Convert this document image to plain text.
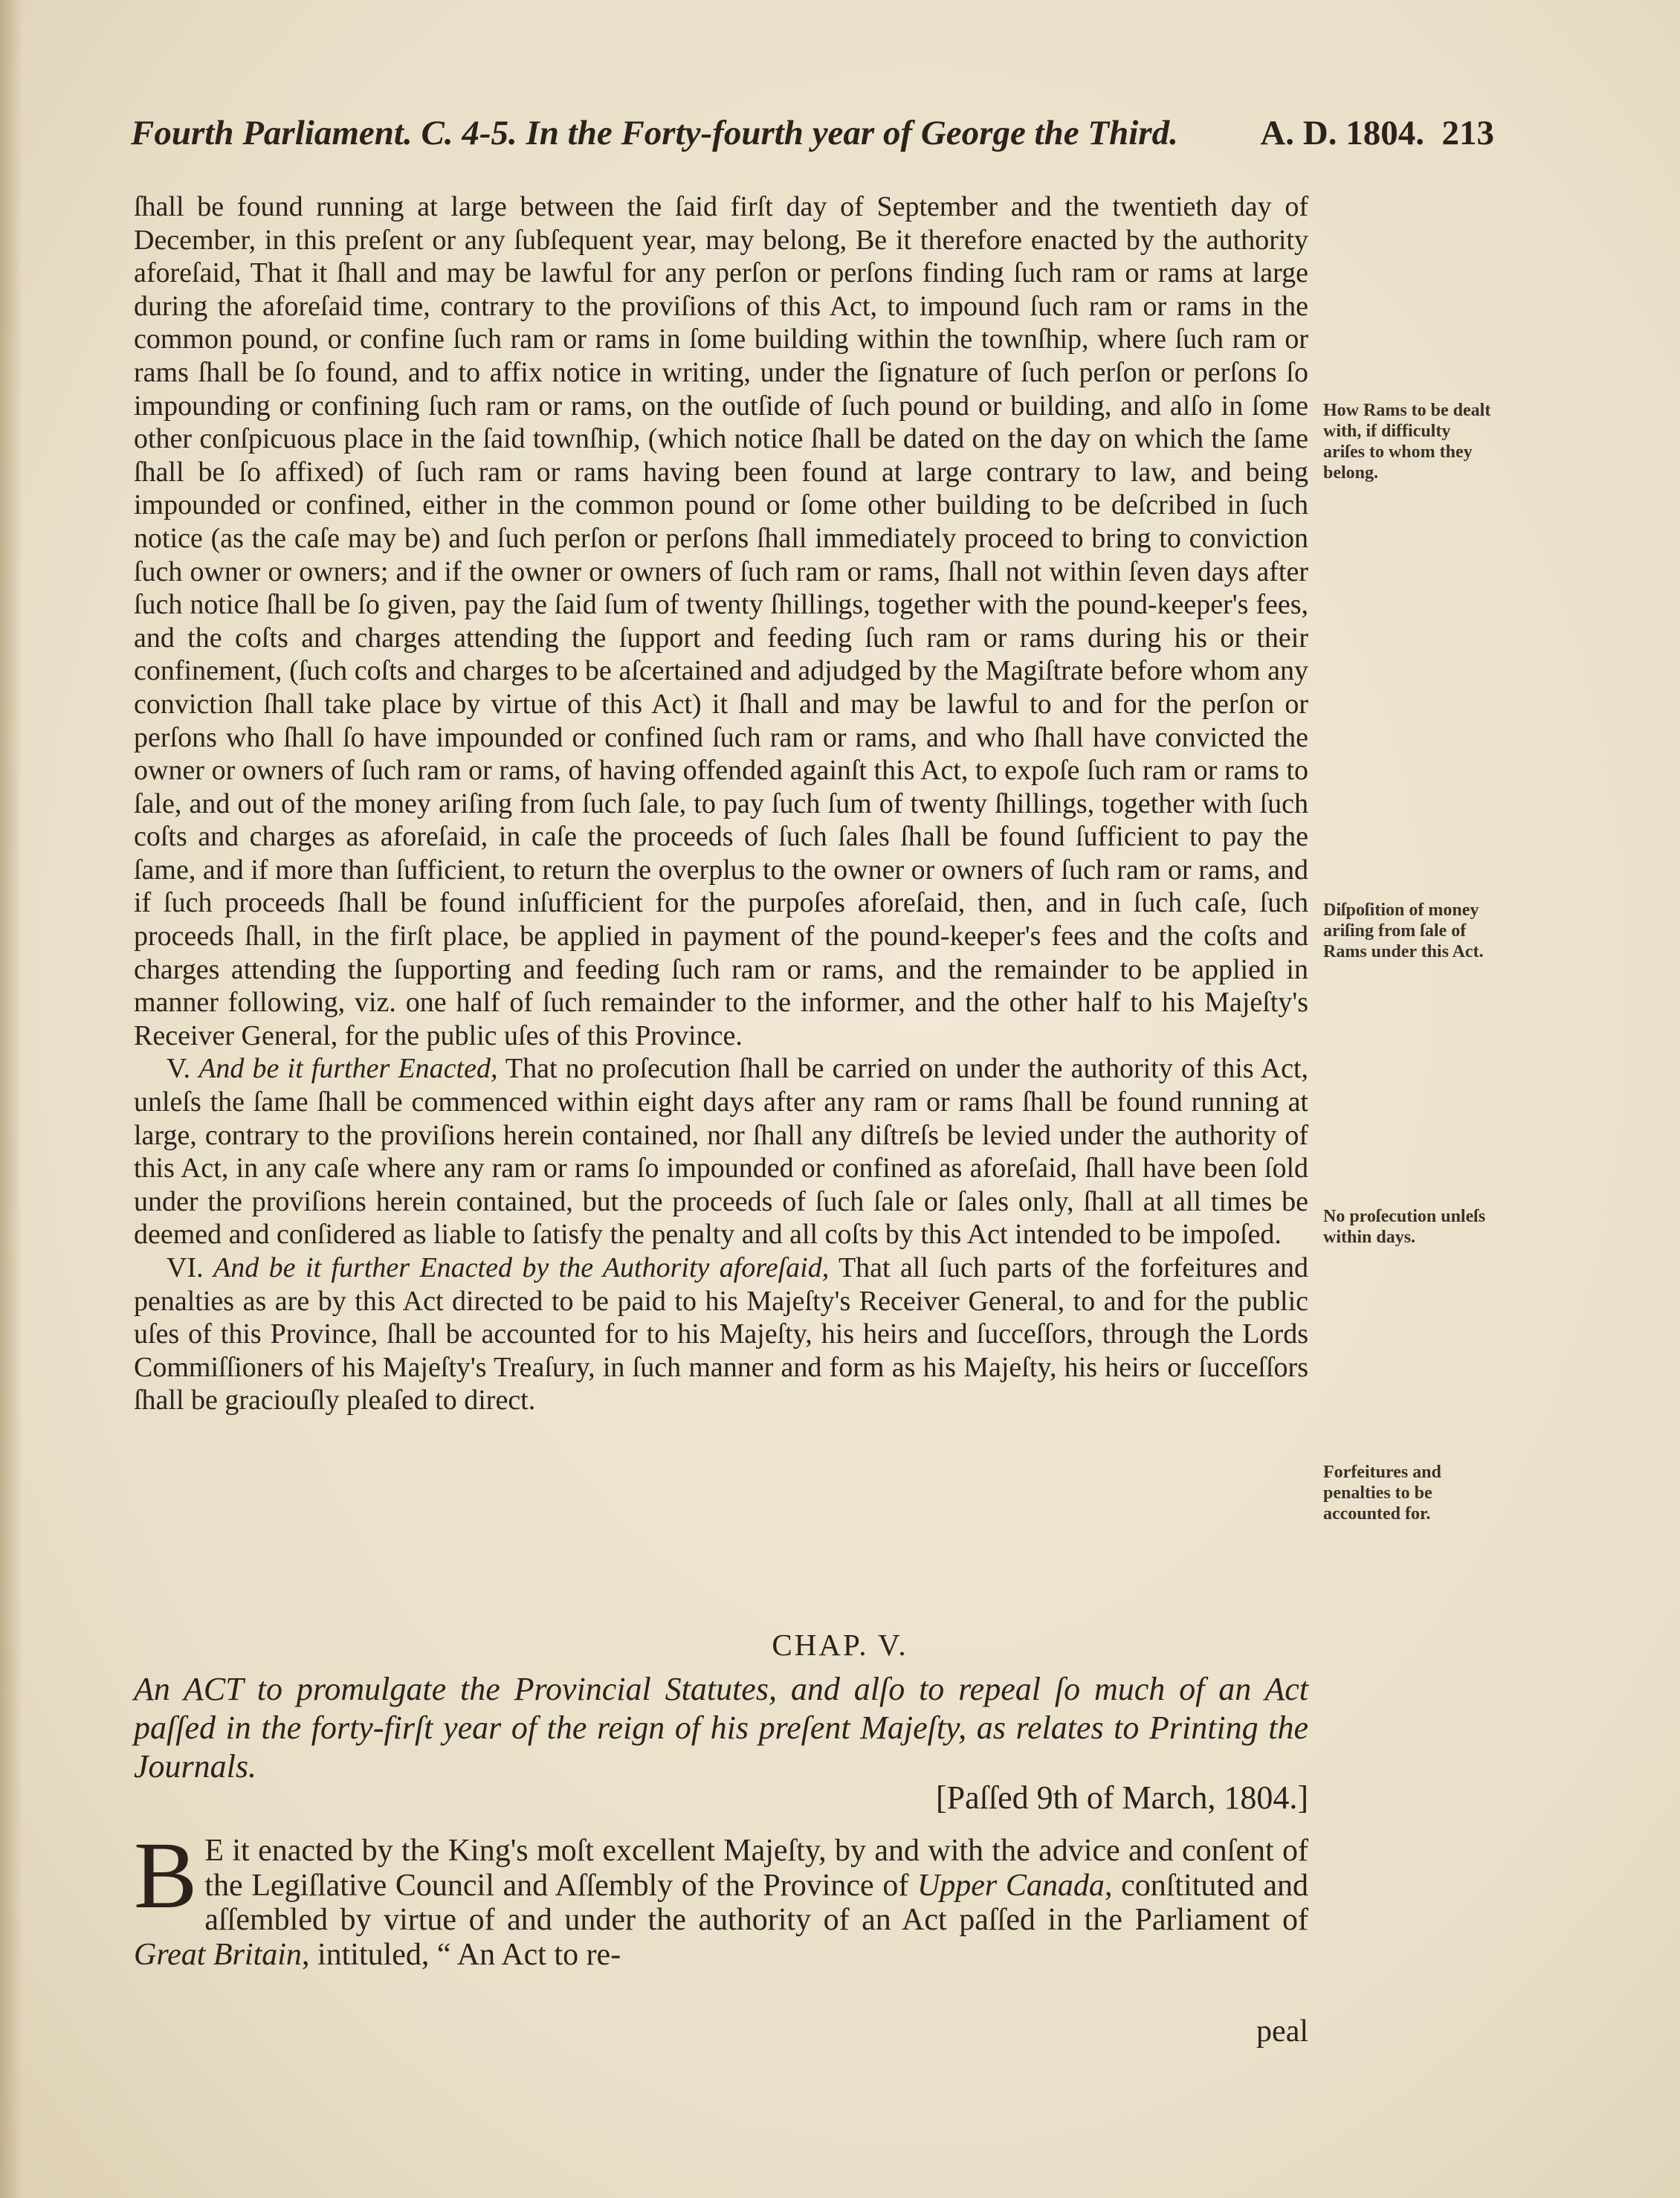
Fourth Parliament.
C. 4-5.
In the Forty-fourth year of George the Third. A. D. 1804.
213

ſhall be found running at large between the ſaid firſt day of September and the twentieth day of December, in this preſent or any ſubſequent year, may belong, Be it therefore enacted by the authority aforeſaid, That it ſhall and may be lawful for any perſon or perſons finding ſuch ram or rams at large during the aforeſaid time, contrary to the proviſions of this Act, to impound ſuch ram or rams in the common pound, or confine ſuch ram or rams in ſome building within the townſhip, where ſuch ram or rams ſhall be ſo found, and to affix notice in writing, under the ſignature of ſuch perſon or perſons ſo impounding or confining ſuch ram or rams, on the outſide of ſuch pound or building, and alſo in ſome other conſpicuous place in the ſaid townſhip, (which notice ſhall be dated on the day on which the ſame ſhall be ſo affixed) of ſuch ram or rams having been found at large contrary to law, and being impounded or confined, either in the common pound or ſome other building to be deſcribed in ſuch notice (as the caſe may be) and ſuch perſon or perſons ſhall immediately proceed to bring to conviction ſuch owner or owners; and if the owner or owners of ſuch ram or rams, ſhall not within ſeven days after ſuch notice ſhall be ſo given, pay the ſaid ſum of twenty ſhillings, together with the pound-keeper's fees, and the coſts and charges attending the ſupport and feeding ſuch ram or rams during his or their confinement, (ſuch coſts and charges to be aſcertained and adjudged by the Magiſtrate before whom any conviction ſhall take place by virtue of this Act) it ſhall and may be lawful to and for the perſon or perſons who ſhall ſo have impounded or confined ſuch ram or rams, and who ſhall have convicted the owner or owners of ſuch ram or rams, of having offended againſt this Act, to expoſe ſuch ram or rams to ſale, and out of the money ariſing from ſuch ſale, to pay ſuch ſum of twenty ſhillings, together with ſuch coſts and charges as aforeſaid, in caſe the proceeds of ſuch ſales ſhall be found ſufficient to pay the ſame, and if more than ſufficient, to return the overplus to the owner or owners of ſuch ram or rams, and if ſuch proceeds ſhall be found inſufficient for the purpoſes aforeſaid, then, and in ſuch caſe, ſuch proceeds ſhall, in the firſt place, be applied in payment of the pound-keeper's fees and the coſts and charges attending the ſupporting and feeding ſuch ram or rams, and the remainder to be applied in manner following, viz. one half of ſuch remainder to the informer, and the other half to his Majeſty's Receiver General, for the public uſes of this Province.

V. And be it further Enacted, That no proſecution ſhall be carried on under the authority of this Act, unleſs the ſame ſhall be commenced within eight days after any ram or rams ſhall be found running at large, contrary to the proviſions herein contained, nor ſhall any diſtreſs be levied under the authority of this Act, in any caſe where any ram or rams ſo impounded or confined as aforeſaid, ſhall have been ſold under the proviſions herein contained, but the proceeds of ſuch ſale or ſales only, ſhall at all times be deemed and conſidered as liable to ſatisfy the penalty and all coſts by this Act intended to be impoſed.

VI. And be it further Enacted by the Authority aforeſaid, That all ſuch parts of the forfeitures and penalties as are by this Act directed to be paid to his Majeſty's Receiver General, to and for the public uſes of this Province, ſhall be accounted for to his Majeſty, his heirs and ſucceſſors, through the Lords Commiſſioners of his Majeſty's Treaſury, in ſuch manner and form as his Majeſty, his heirs or ſucceſſors ſhall be graciouſly pleaſed to direct.

How Rams to be dealt with, if difficulty ariſes to whom they belong.
Diſpoſition of money ariſing from ſale of Rams under this Act.
No proſecution unleſs within days.
Forfeitures and penalties to be accounted for.
CHAP. V.
An ACT to promulgate the Provincial Statutes, and alſo to repeal ſo much of an Act paſſed in the forty-firſt year of the reign of his preſent Majeſty, as relates to Printing the Journals.
[Paſſed 9th of March, 1804.]
B E it enacted by the King's moſt excellent Majeſty, by and with the advice and conſent of the Legiſlative Council and Aſſembly of the Province of Upper Canada, conſtituted and aſſembled by virtue of and under the authority of an Act paſſed in the Parliament of Great Britain, intituled, “ An Act to re-
peal
